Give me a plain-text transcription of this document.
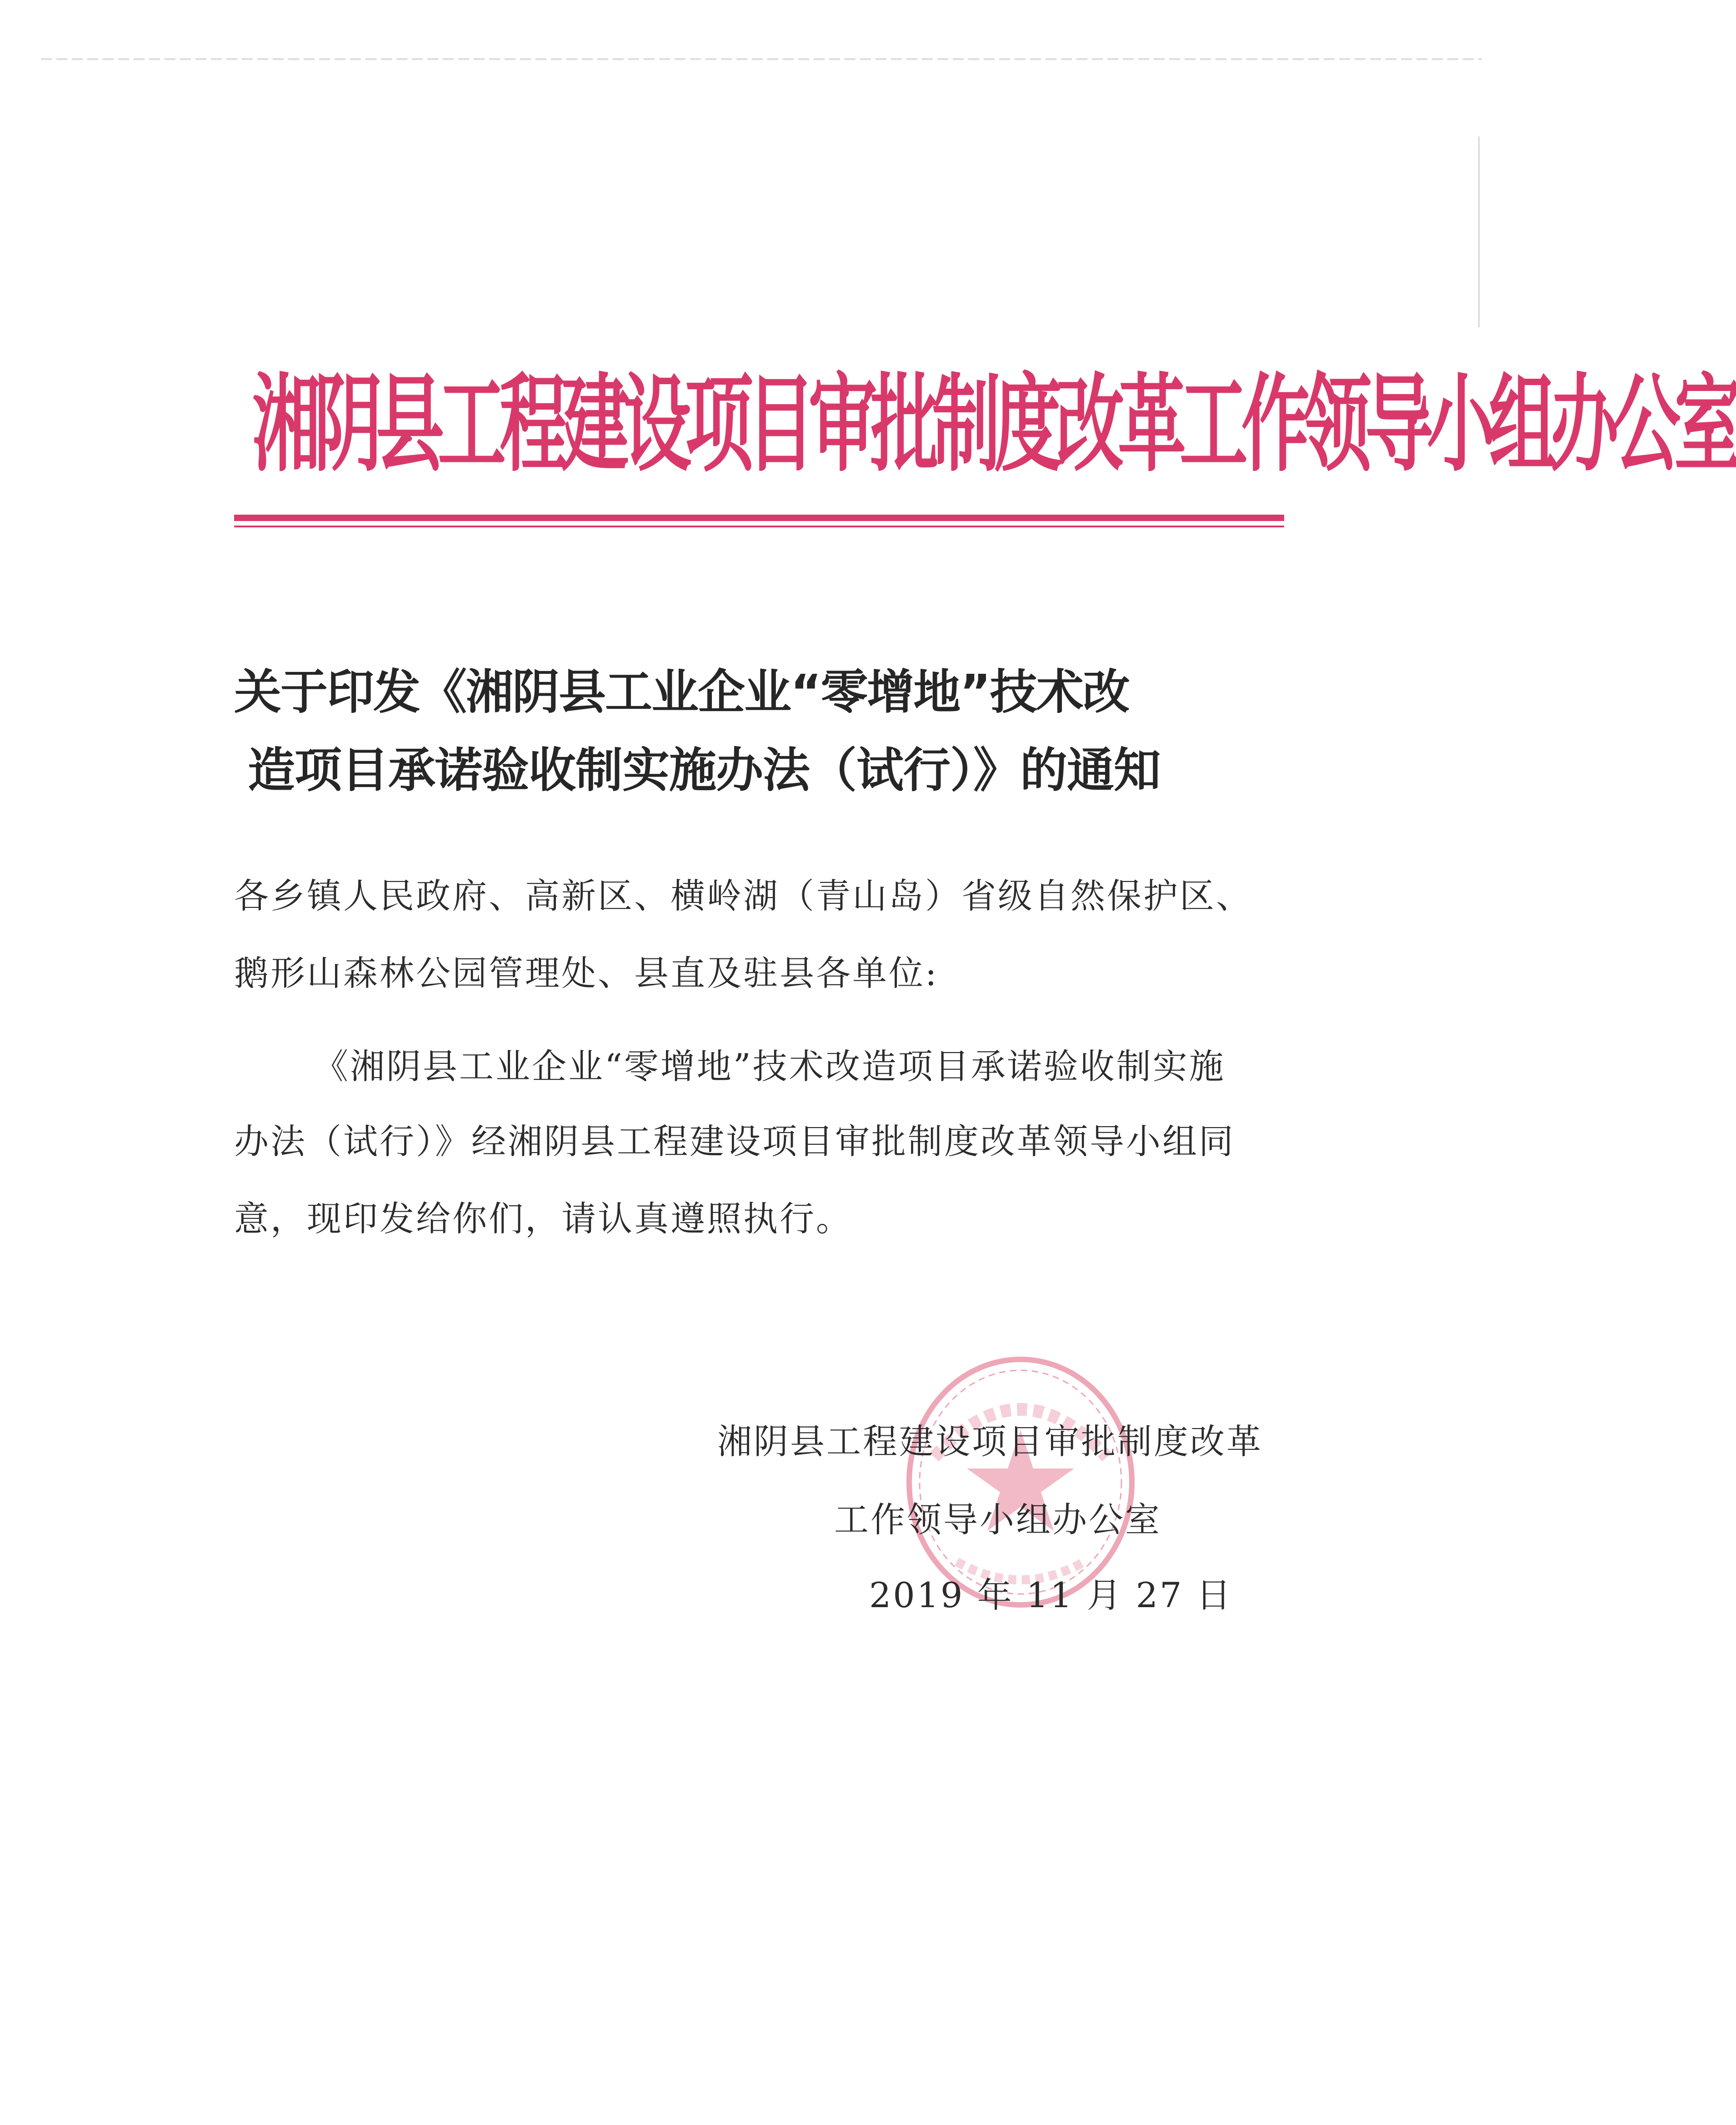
湘阴县工程建设项目审批制度改革工作领导小组办公室
关于印发《湘阴县工业企业“零增地”技术改
造项目承诺验收制实施办法（试行）》的通知
各乡镇人民政府、高新区、横岭湖（青山岛）省级自然保护区、
鹅形山森林公园管理处、县直及驻县各单位:
《湘阴县工业企业“零增地”技术改造项目承诺验收制实施
办法（试行）》经湘阴县工程建设项目审批制度改革领导小组同
意，现印发给你们，请认真遵照执行。
湘阴县工程建设项目审批制度改革
工作领导小组办公室
2019 年 11 月 27 日
